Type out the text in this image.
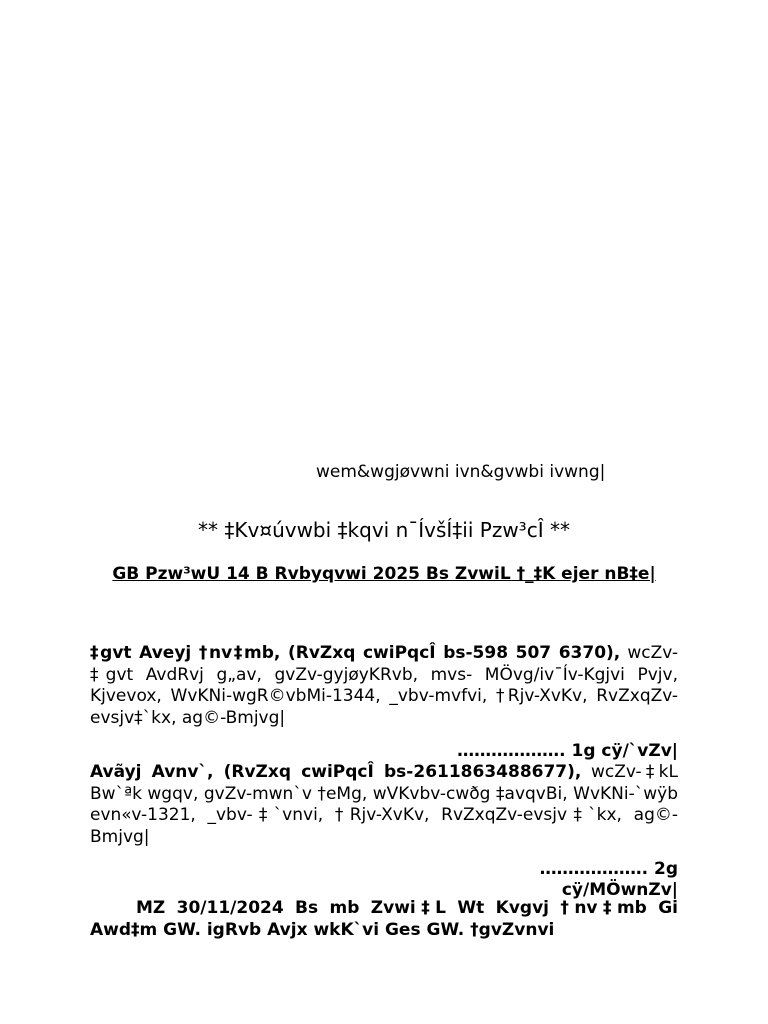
wem&wgjøvwni ivn&gvwbi ivwng|

** ‡Kv¤úvwbi ‡kqvi n¯ÍvšÍ‡ii Pzw³cÎ **

GB Pzw³wU 14 B Rvbyqvwi 2025 Bs ZvwiL †_‡K ejer nB‡e|

‡gvt Aveyj †nv‡mb, (RvZxq cwiPqcÎ bs-598 507 6370), wcZv-‡gvt AvdRvj g„av, gvZv-gyjøyKRvb, mvs- MÖvg/iv¯Ív-Kgjvi Pvjv, Kjvevox, WvKNi-wgR©vbMi-1344, _vbv-mvfvi, †Rjv-XvKv, RvZxqZv-evsjv‡`kx, ag©-Bmjvg|

………………. 1g cÿ/`vZv|

Avãyj Avnv`, (RvZxq cwiPqcÎ bs-2611863488677), wcZv-‡kL Bw`ªk wgqv, gvZv-mwn`v †eMg, wVKvbv-cwðg ‡avqvBi, WvKNi-`wÿb evn«v-1321, _vbv-‡`vnvi, †Rjv-XvKv, RvZxqZv-evsjv‡`kx, ag©-Bmjvg|

………………. 2g

cÿ/MÖwnZv|

MZ 30/11/2024 Bs mb Zvwi‡L Wt Kvgvj †nv‡mb Gi Awd‡m GW. igRvb Avjx wkK`vi Ges GW. †gvZvnvi
